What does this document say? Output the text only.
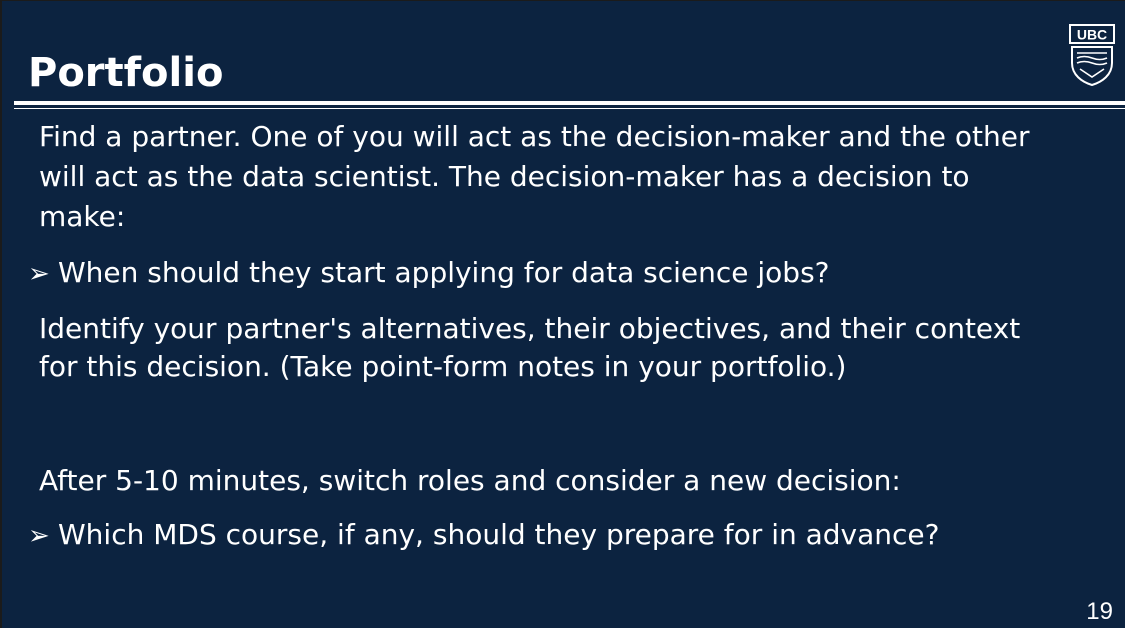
Portfolio
UBC

Find a partner. One of you will act as the decision-maker and the other

will act as the data scientist. The decision-maker has a decision to

make:

➢ When should they start applying for data science jobs?

Identify your partner's alternatives, their objectives, and their context

for this decision. (Take point-form notes in your portfolio.)

After 5-10 minutes, switch roles and consider a new decision:

➢ Which MDS course, if any, should they prepare for in advance?

19
